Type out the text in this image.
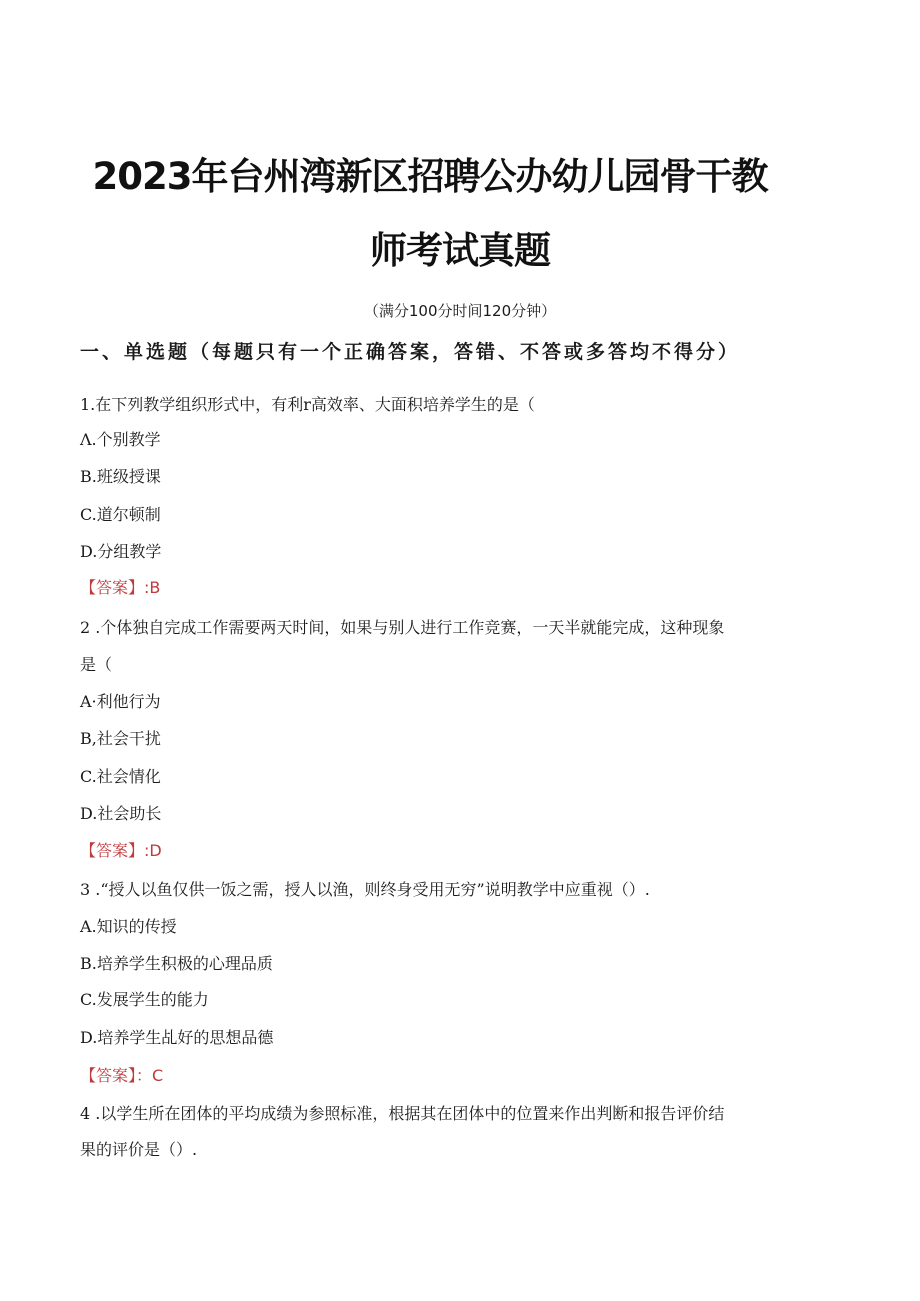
2023年台州湾新区招聘公办幼儿园骨干教
师考试真题
（满分100分时间120分钟）
一、单选题（每题只有一个正确答案，答错、不答或多答均不得分）
1.在下列教学组织形式中，有利r高效率、大面积培养学生的是（
Λ.个别教学
B.班级授课
C.道尔顿制
D.分组教学
【答案】:B
2 .个体独自完成工作需要两天时间，如果与别人进行工作竞赛，一天半就能完成，这种现象
是（
A·利他行为
B,社会干扰
C.社会情化
D.社会助长
【答案】:D
3 .“授人以鱼仅供一饭之需，授人以渔，则终身受用无穷”说明教学中应重视（）.
A.知识的传授
B.培养学生积极的心理品质
C.发展学生的能力
D.培养学生乩好的思想品德
【答案】：C
4 .以学生所在团体的平均成绩为参照标准，根据其在团体中的位置来作出判断和报告评价结
果的评价是（）.
